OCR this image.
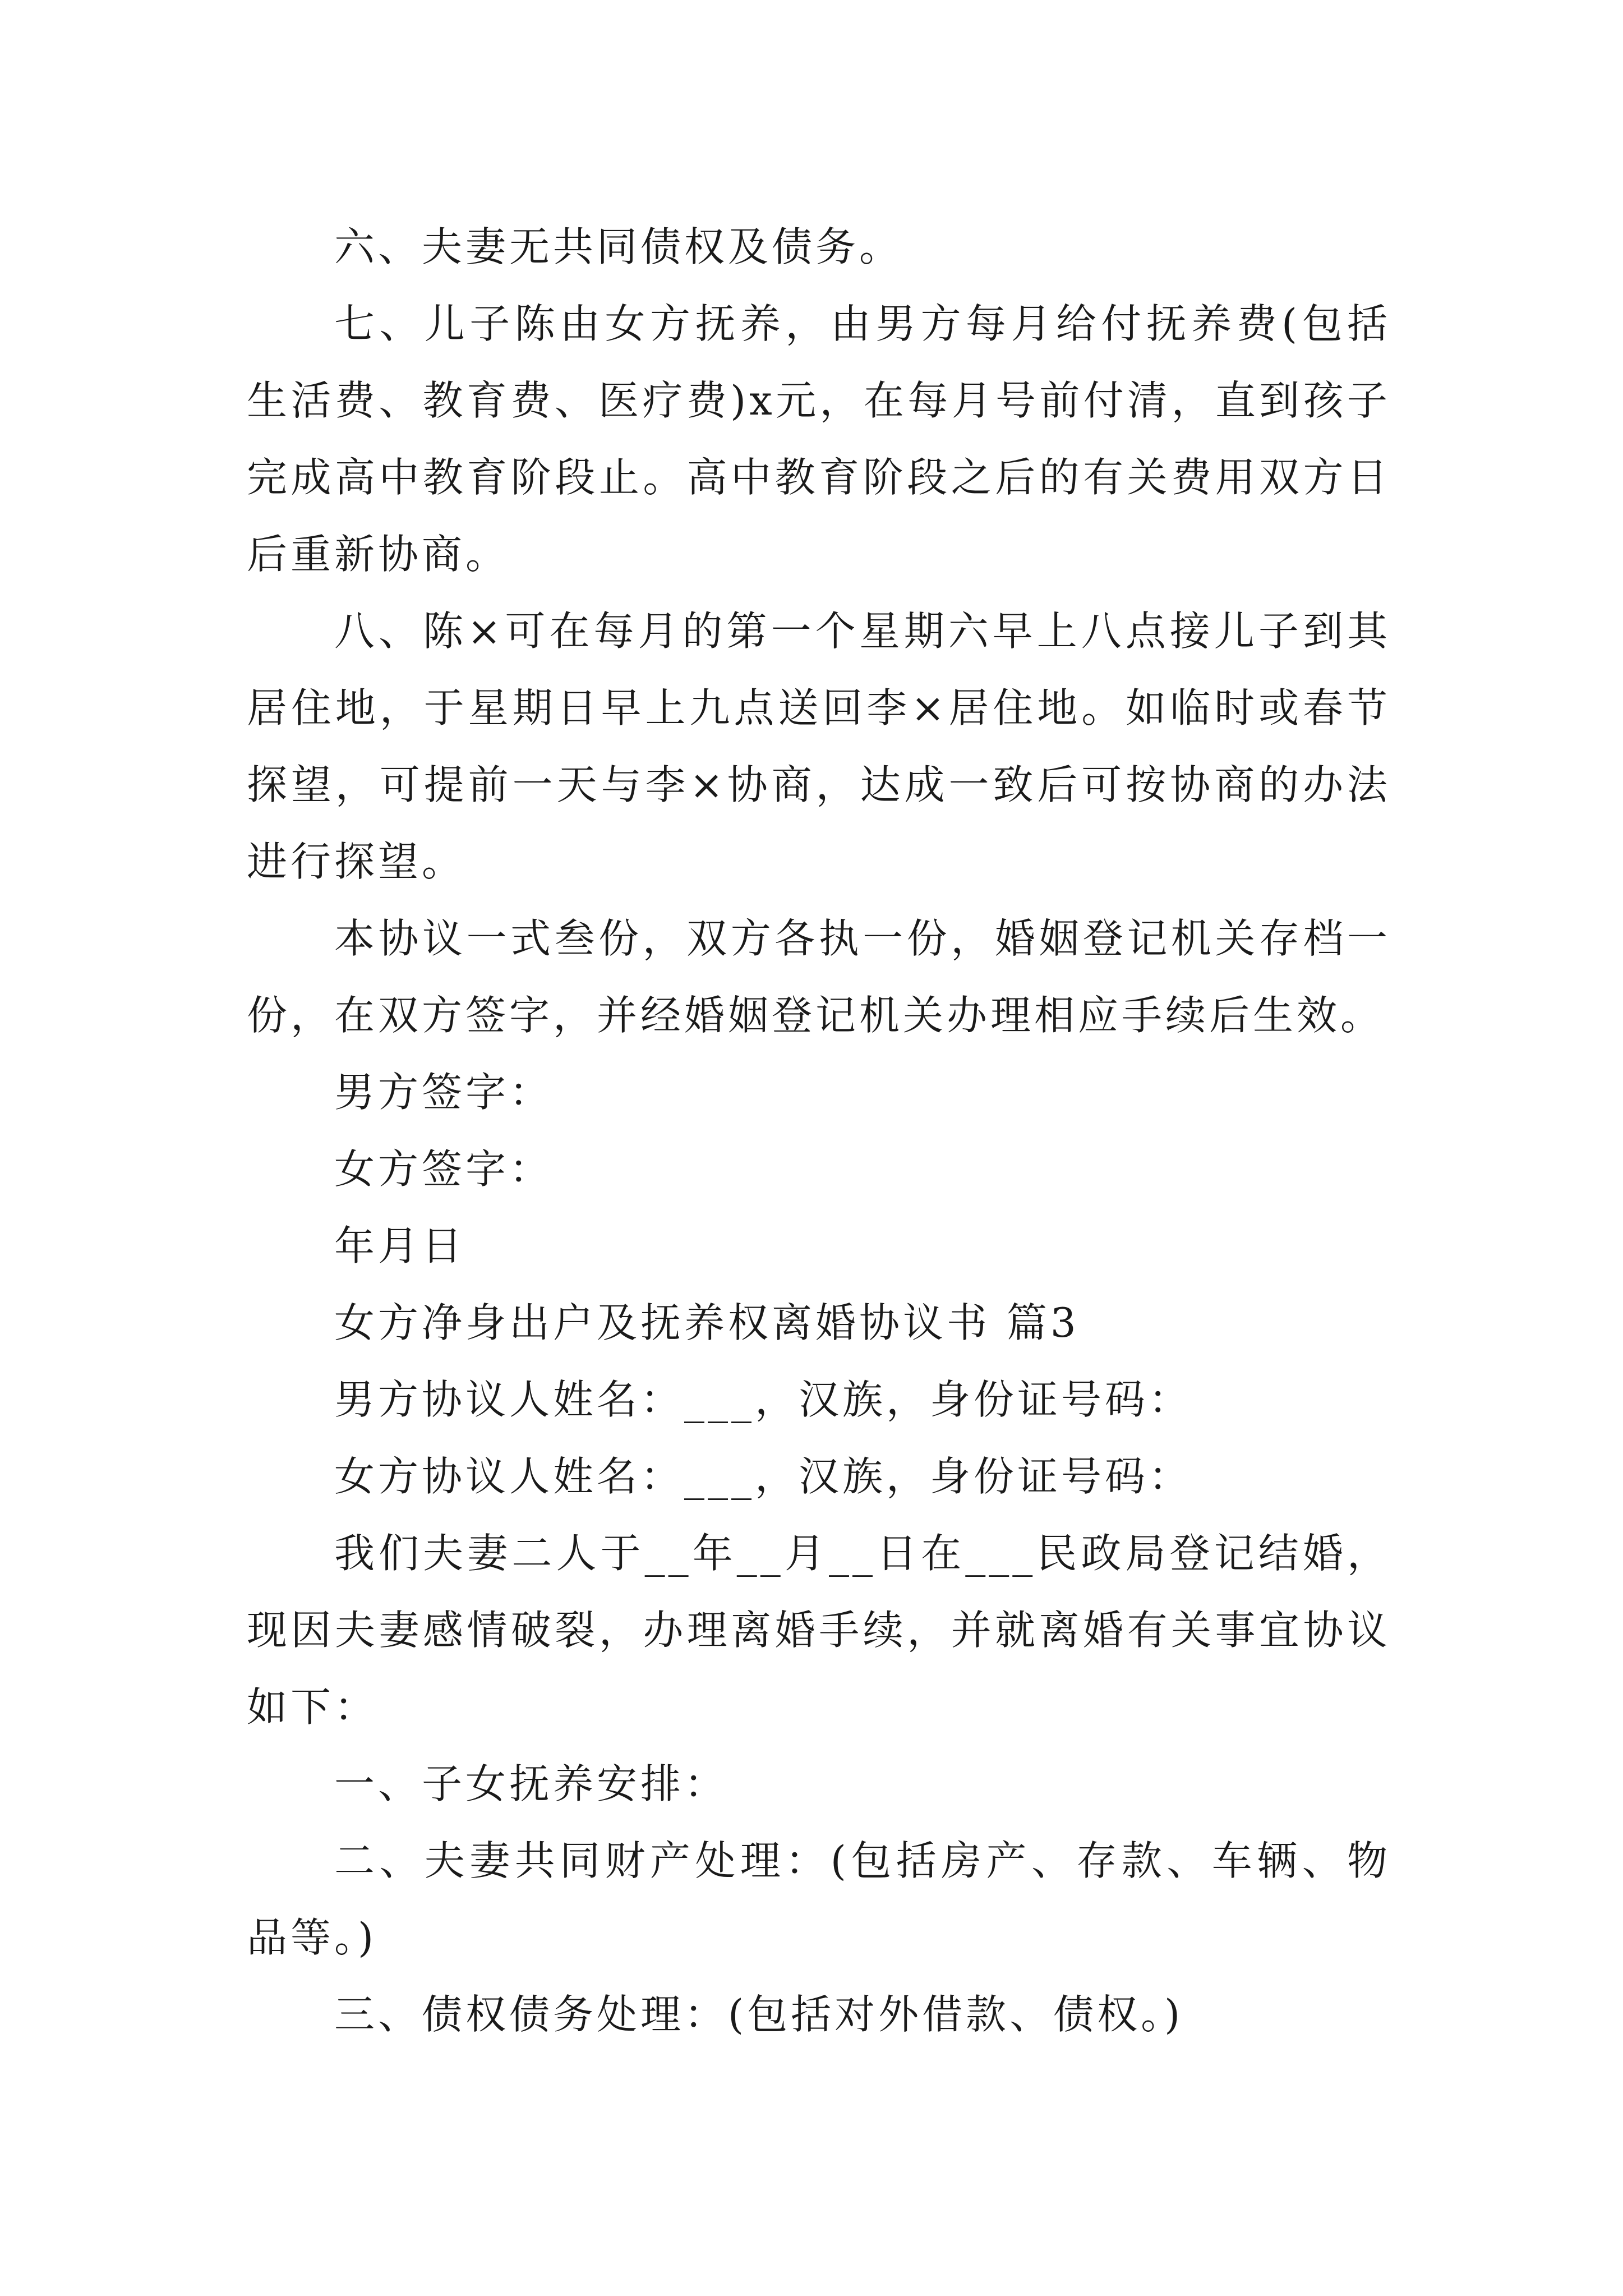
六、夫妻无共同债权及债务。

七、儿子陈由女方抚养，由男方每月给付抚养费(包括生活费、教育费、医疗费)x元，在每月号前付清，直到孩子完成高中教育阶段止。高中教育阶段之后的有关费用双方日后重新协商。

八、陈×可在每月的第一个星期六早上八点接儿子到其居住地，于星期日早上九点送回李×居住地。如临时或春节探望，可提前一天与李×协商，达成一致后可按协商的办法进行探望。

本协议一式叁份，双方各执一份，婚姻登记机关存档一份，在双方签字，并经婚姻登记机关办理相应手续后生效。

男方签字：

女方签字：

年月日

女方净身出户及抚养权离婚协议书 篇3

男方协议人姓名：___，汉族，身份证号码：

女方协议人姓名：___，汉族，身份证号码：

我们夫妻二人于__年__月__日在___民政局登记结婚，现因夫妻感情破裂，办理离婚手续，并就离婚有关事宜协议如下：

一、子女抚养安排：

二、夫妻共同财产处理：(包括房产、存款、车辆、物品等。)

三、债权债务处理：(包括对外借款、债权。)
